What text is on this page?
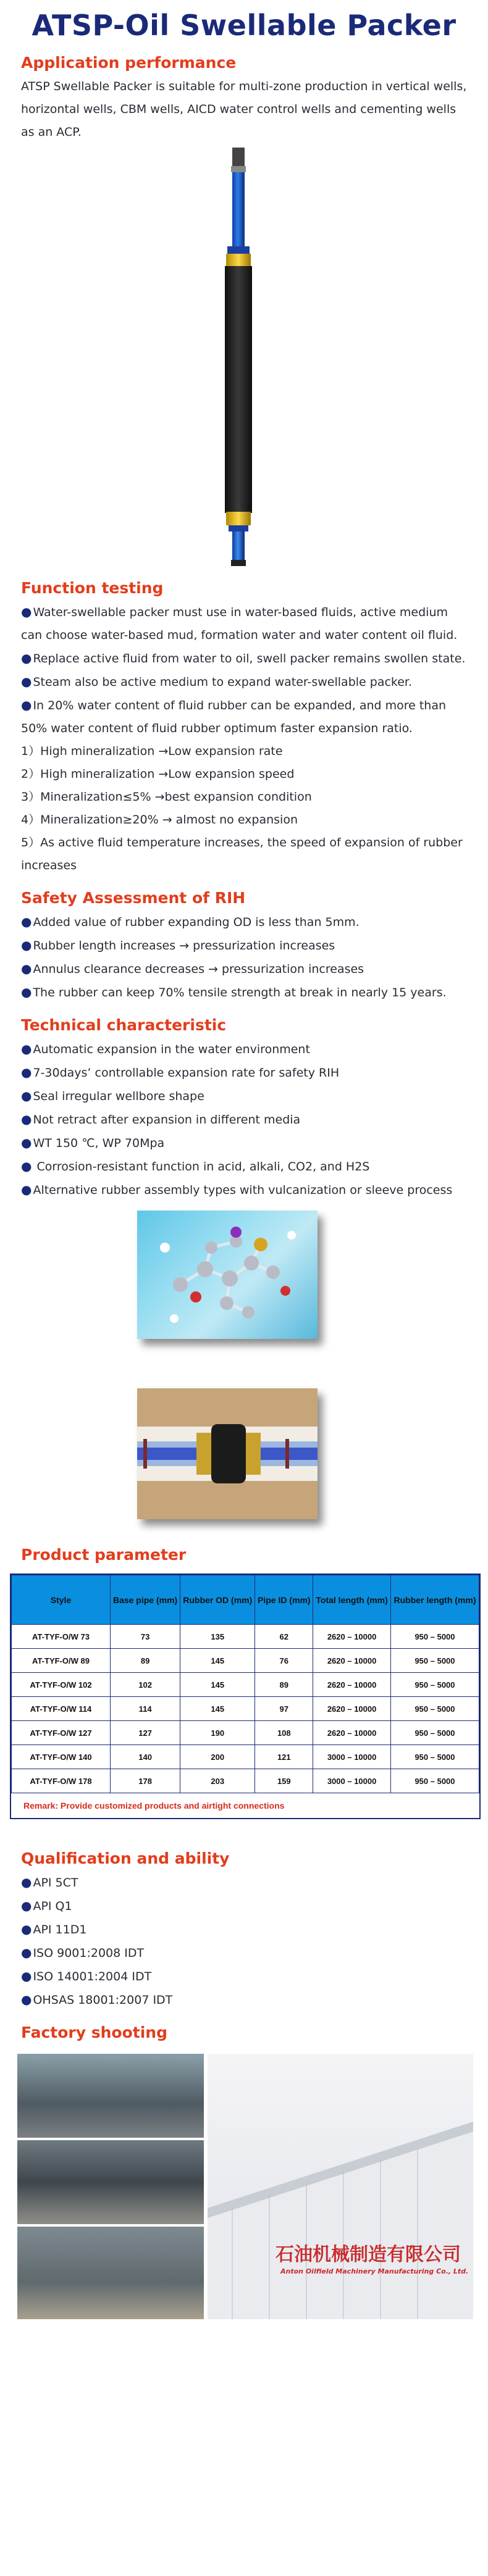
ATSP-Oil Swellable Packer
Application performance

ATSP Swellable Packer is suitable for multi-zone production in vertical wells, horizontal wells, CBM wells, AICD water control wells and cementing wells as an ACP.

Function testing
● Water-swellable packer must use in water-based fluids, active medium can choose water-based mud, formation water and water content oil fluid.
● Replace active fluid from water to oil, swell packer remains swollen state.
● Steam also be active medium to expand water-swellable packer.
● In 20% water content of fluid rubber can be expanded, and more than 50% water content of fluid rubber optimum faster expansion ratio.
1）High mineralization →Low expansion rate
2）High mineralization →Low expansion speed
3）Mineralization≤5% →best expansion condition
4）Mineralization≥20% → almost no expansion
5）As active fluid temperature increases, the speed of expansion of rubber increases
Safety Assessment of RIH
● Added value of rubber expanding OD is less than 5mm.
● Rubber length increases → pressurization increases
● Annulus clearance decreases → pressurization increases
● The rubber can keep 70% tensile strength at break in nearly 15 years.
Technical characteristic
● Automatic expansion in the water environment
● 7-30days’ controllable expansion rate for safety RIH
● Seal irregular wellbore shape
● Not retract after expansion in different media
● WT 150 ℃, WP 70Mpa
● Corrosion-resistant function in acid, alkali, CO2, and H2S
● Alternative rubber assembly types with vulcanization or sleeve process
Product parameter
Style	Base pipe (mm)	Rubber OD (mm)	Pipe ID (mm)	Total length (mm)	Rubber length (mm)
AT-TYF-O/W 73	73	135	62	2620 – 10000	950 – 5000
AT-TYF-O/W 89	89	145	76	2620 – 10000	950 – 5000
AT-TYF-O/W 102	102	145	89	2620 – 10000	950 – 5000
AT-TYF-O/W 114	114	145	97	2620 – 10000	950 – 5000
AT-TYF-O/W 127	127	190	108	2620 – 10000	950 – 5000
AT-TYF-O/W 140	140	200	121	3000 – 10000	950 – 5000
AT-TYF-O/W 178	178	203	159	3000 – 10000	950 – 5000
Remark: Provide customized products and airtight connections
Qualification and ability
● API 5CT
● API Q1
● API 11D1
● ISO 9001:2008 IDT
● ISO 14001:2004 IDT
● OHSAS 18001:2007 IDT
Factory shooting
石油机械制造有限公司
Anton Oilfield Machinery Manufacturing Co., Ltd.
